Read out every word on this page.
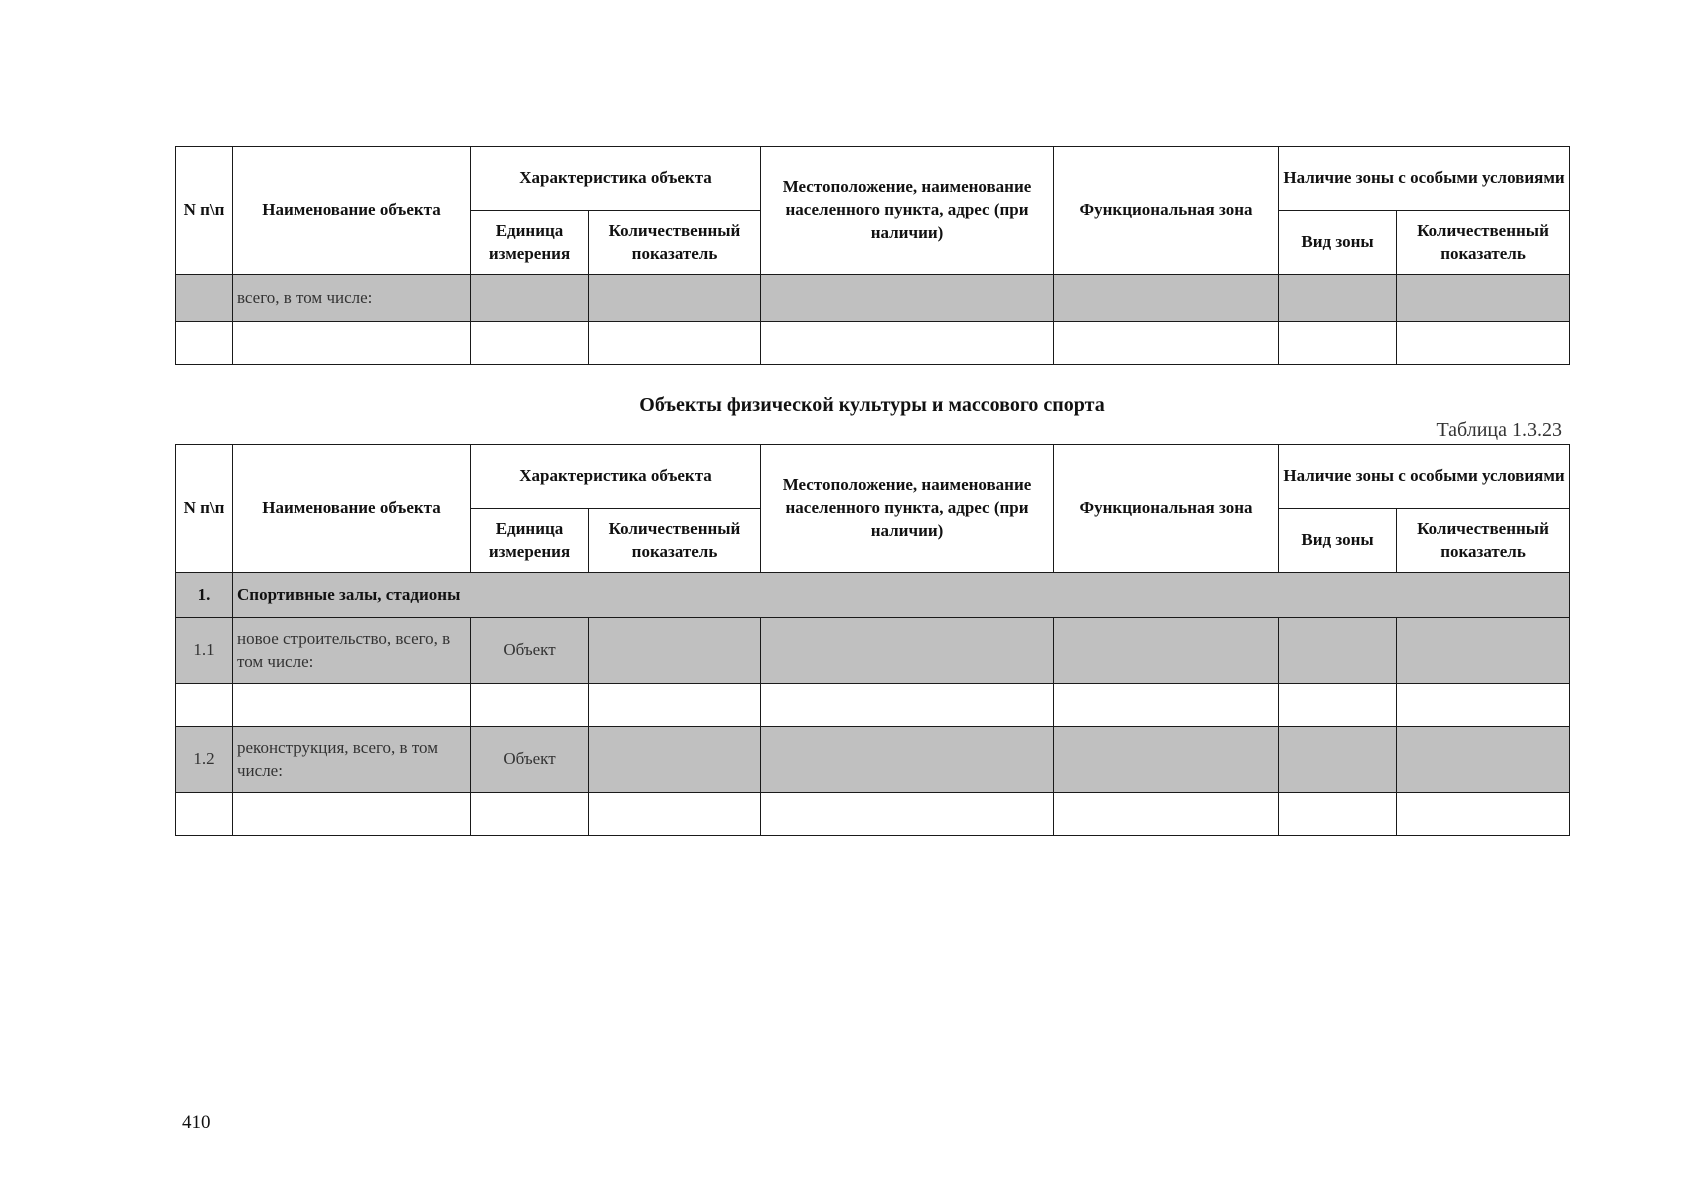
N п\п	Наименование объекта	Характеристика объекта		Местоположение, наименование населенного пункта, адрес (при наличии)	Функциональная зона	Наличие зоны с особыми условиями	
		Единица измерения	Количественный показатель			Вид зоны	Количественный показатель
	всего, в том числе:						

Объекты физической культуры и массового спорта
Таблица 1.3.23
N п\п	Наименование объекта	Характеристика объекта		Местоположение, наименование населенного пункта, адрес (при наличии)	Функциональная зона	Наличие зоны с особыми условиями	
		Единица измерения	Количественный показатель			Вид зоны	Количественный показатель
1.	Спортивные залы, стадионы						
1.1	новое строительство, всего, в том числе:	Объект					

1.2	реконструкция, всего, в том числе:	Объект					

410
